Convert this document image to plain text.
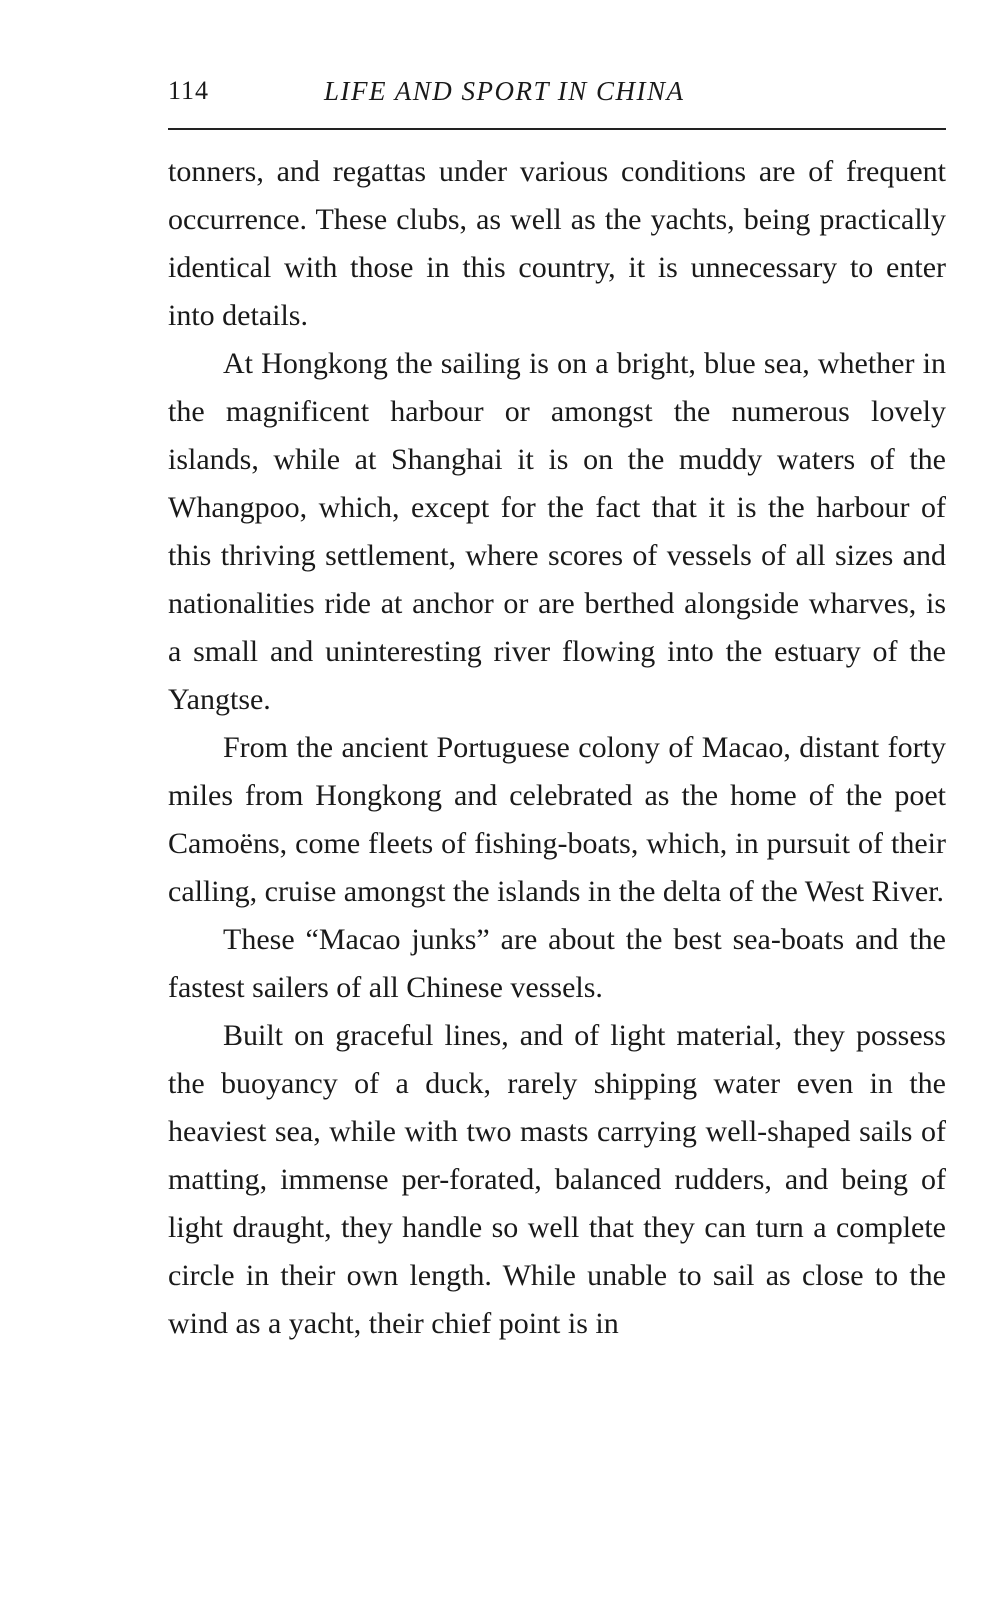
114	LIFE AND SPORT IN CHINA

tonners, and regattas under various conditions are of frequent occurrence. These clubs, as well as the yachts, being practically identical with those in this country, it is unnecessary to enter into details.

At Hongkong the sailing is on a bright, blue sea, whether in the magnificent harbour or amongst the numerous lovely islands, while at Shanghai it is on the muddy waters of the Whangpoo, which, except for the fact that it is the harbour of this thriving settlement, where scores of vessels of all sizes and nationalities ride at anchor or are berthed alongside wharves, is a small and uninteresting river flowing into the estuary of the Yangtse.

From the ancient Portuguese colony of Macao, distant forty miles from Hongkong and celebrated as the home of the poet Camoëns, come fleets of fishing-boats, which, in pursuit of their calling, cruise amongst the islands in the delta of the West River.

These “Macao junks” are about the best sea-boats and the fastest sailers of all Chinese vessels.

Built on graceful lines, and of light material, they possess the buoyancy of a duck, rarely shipping water even in the heaviest sea, while with two masts carrying well-shaped sails of matting, immense per-forated, balanced rudders, and being of light draught, they handle so well that they can turn a complete circle in their own length. While unable to sail as close to the wind as a yacht, their chief point is in
